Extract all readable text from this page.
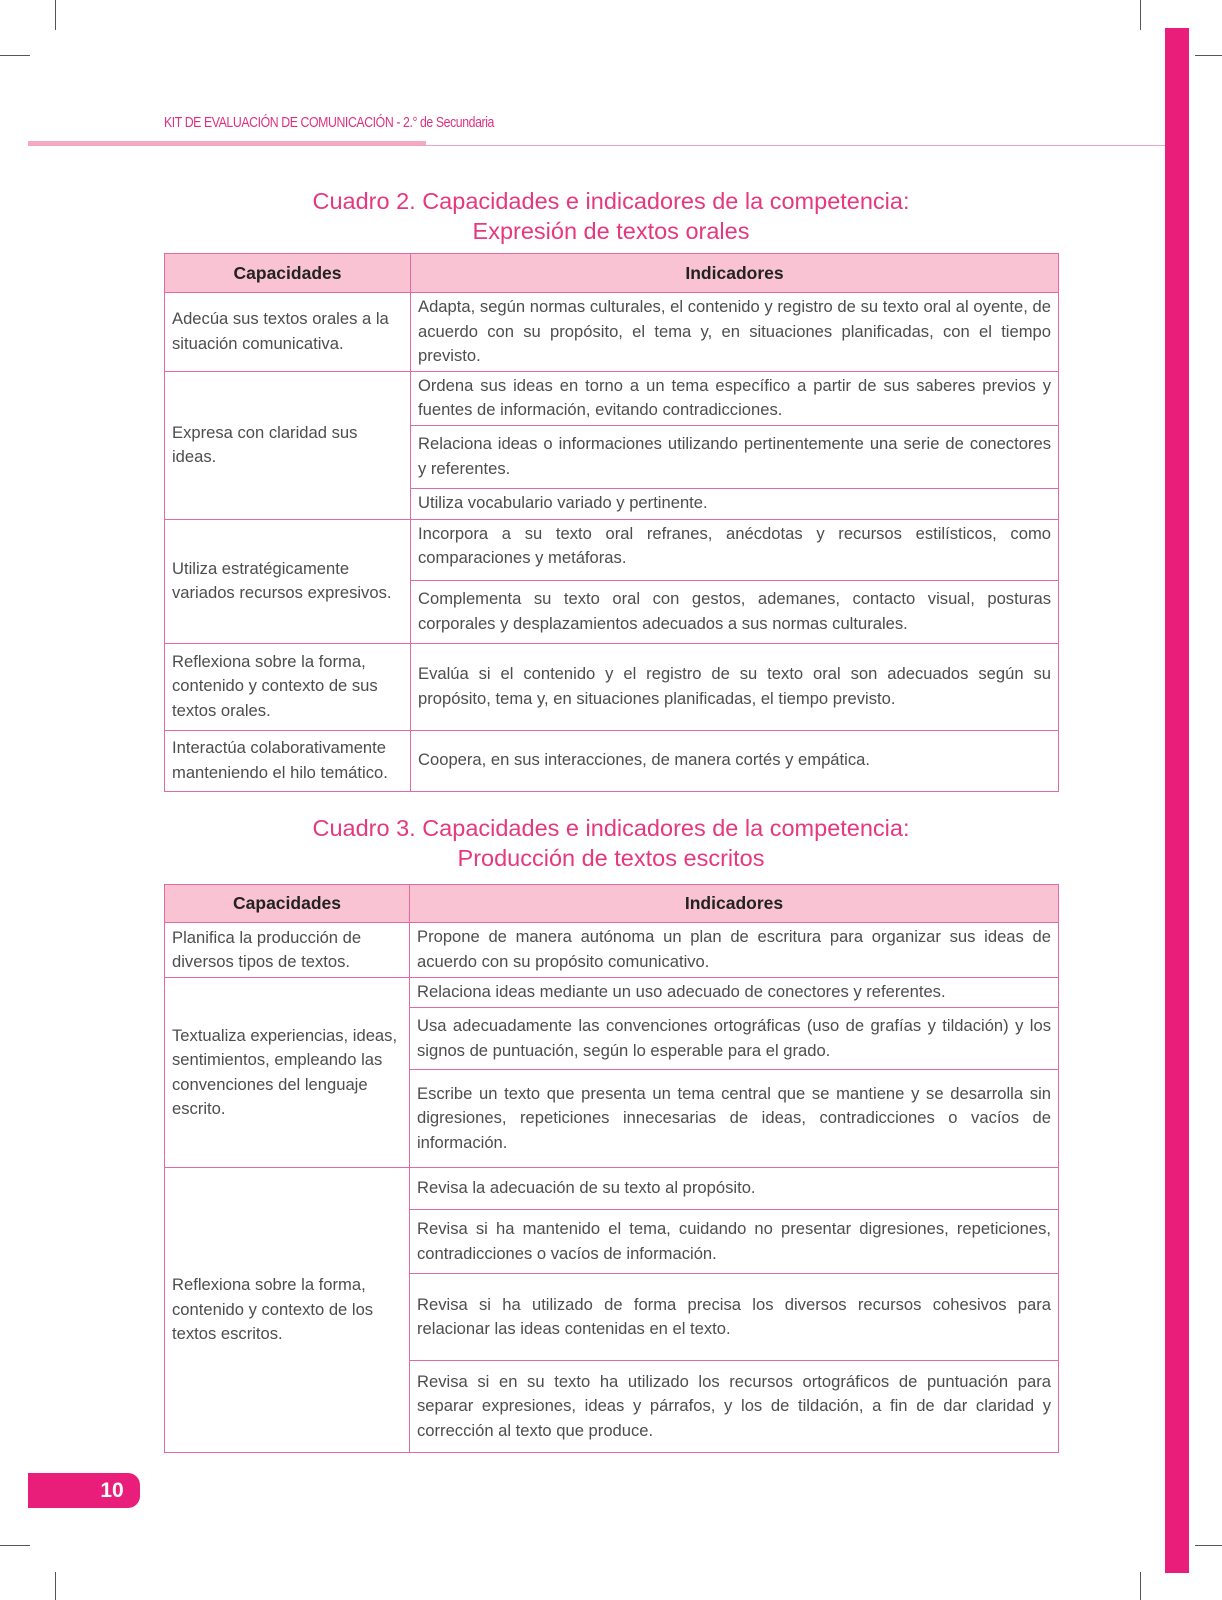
KIT DE EVALUACIÓN DE COMUNICACIÓN - 2.° de Secundaria
Cuadro 2. Capacidades e indicadores de la competencia:
Expresión de textos orales
Capacidades	Indicadores
Adecúa sus textos orales a la situación comunicativa.	Adapta, según normas culturales, el contenido y registro de su texto oral al oyente, de acuerdo con su propósito, el tema y, en situaciones planificadas, con el tiempo previsto.
Expresa con claridad sus ideas.	Ordena sus ideas en torno a un tema específico a partir de sus saberes previos y fuentes de información, evitando contradicciones.
	Relaciona ideas o informaciones utilizando pertinentemente una serie de conectores y referentes.
	Utiliza vocabulario variado y pertinente.
Utiliza estratégicamente variados recursos expresivos.	Incorpora a su texto oral refranes, anécdotas y recursos estilísticos, como comparaciones y metáforas.
	Complementa su texto oral con gestos, ademanes, contacto visual, posturas corporales y desplazamientos adecuados a sus normas culturales.
Reflexiona sobre la forma, contenido y contexto de sus textos orales.	Evalúa si el contenido y el registro de su texto oral son adecuados según su propósito, tema y, en situaciones planificadas, el tiempo previsto.
Interactúa colaborativamente manteniendo el hilo temático.	Coopera, en sus interacciones, de manera cortés y empática.
Cuadro 3. Capacidades e indicadores de la competencia:
Producción de textos escritos
Capacidades	Indicadores
Planifica la producción de diversos tipos de textos.	Propone de manera autónoma un plan de escritura para organizar sus ideas de acuerdo con su propósito comunicativo.
Textualiza experiencias, ideas, sentimientos, empleando las convenciones del lenguaje escrito.	Relaciona ideas mediante un uso adecuado de conectores y referentes.
	Usa adecuadamente las convenciones ortográficas (uso de grafías y tildación) y los signos de puntuación, según lo esperable para el grado.
	Escribe un texto que presenta un tema central que se mantiene y se desarrolla sin digresiones, repeticiones innecesarias de ideas, contradicciones o vacíos de información.
Reflexiona sobre la forma, contenido y contexto de los textos escritos.	Revisa la adecuación de su texto al propósito.
	Revisa si ha mantenido el tema, cuidando no presentar digresiones, repeticiones, contradicciones o vacíos de información.
	Revisa si ha utilizado de forma precisa los diversos recursos cohesivos para relacionar las ideas contenidas en el texto.
	Revisa si en su texto ha utilizado los recursos ortográficos de puntuación para separar expresiones, ideas y párrafos, y los de tildación, a fin de dar claridad y corrección al texto que produce.
10
